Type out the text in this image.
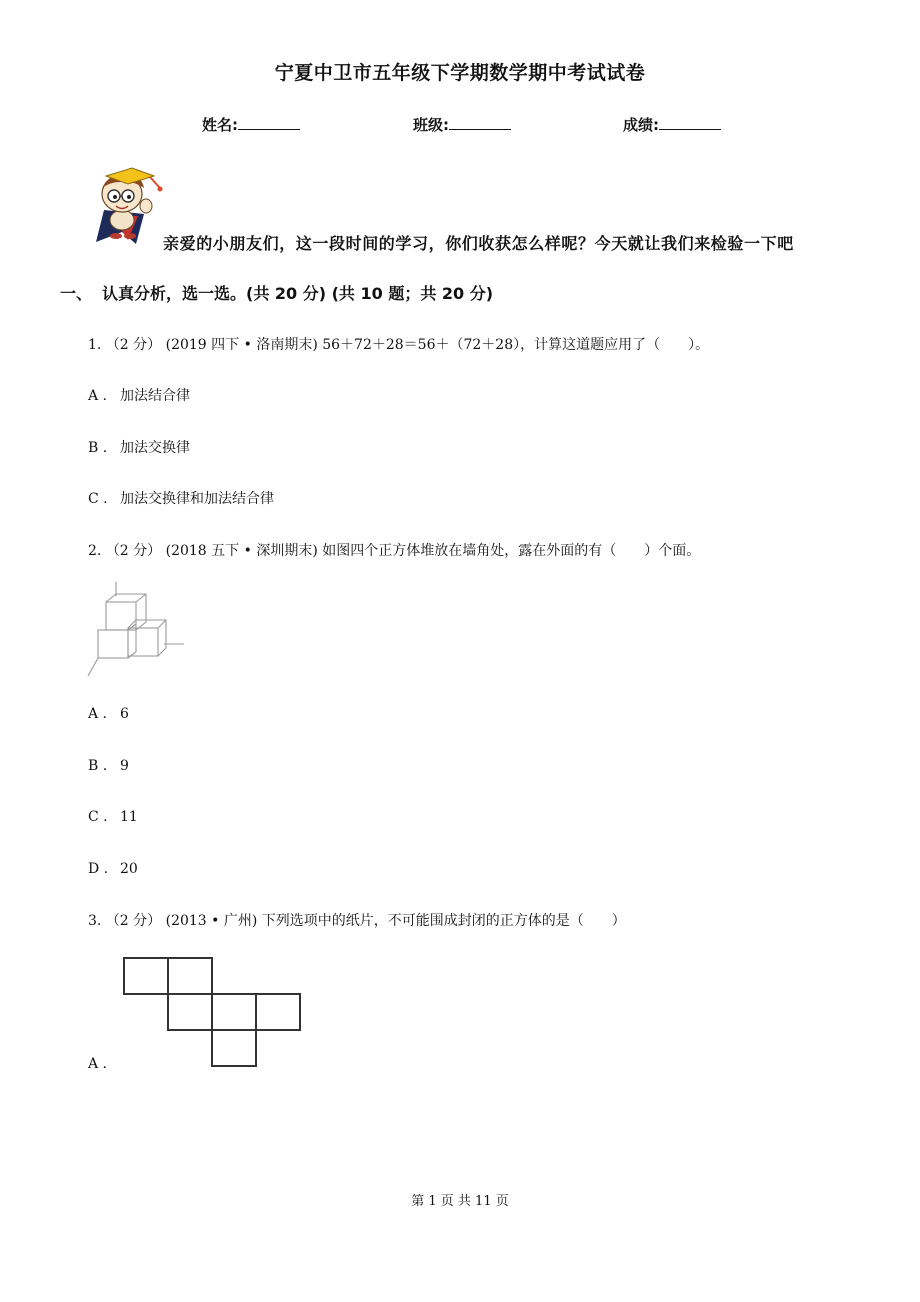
宁夏中卫市五年级下学期数学期中考试试卷
姓名:	班级:	成绩:
亲爱的小朋友们，这一段时间的学习，你们收获怎么样呢？今天就让我们来检验一下吧
一、 认真分析，选一选。(共 20 分) (共 10 题；共 20 分)
1. （2 分） (2019 四下 • 洛南期末) 56＋72＋28＝56＋（72＋28），计算这道题应用了（　　）。
A . 加法结合律
B . 加法交换律
C . 加法交换律和加法结合律
2. （2 分） (2018 五下 • 深圳期末) 如图四个正方体堆放在墙角处，露在外面的有（　　）个面。
A . 6
B . 9
C . 11
D . 20
3. （2 分） (2013 • 广州) 下列选项中的纸片，不可能围成封闭的正方体的是（　　）
A .
第 1 页 共 11 页
